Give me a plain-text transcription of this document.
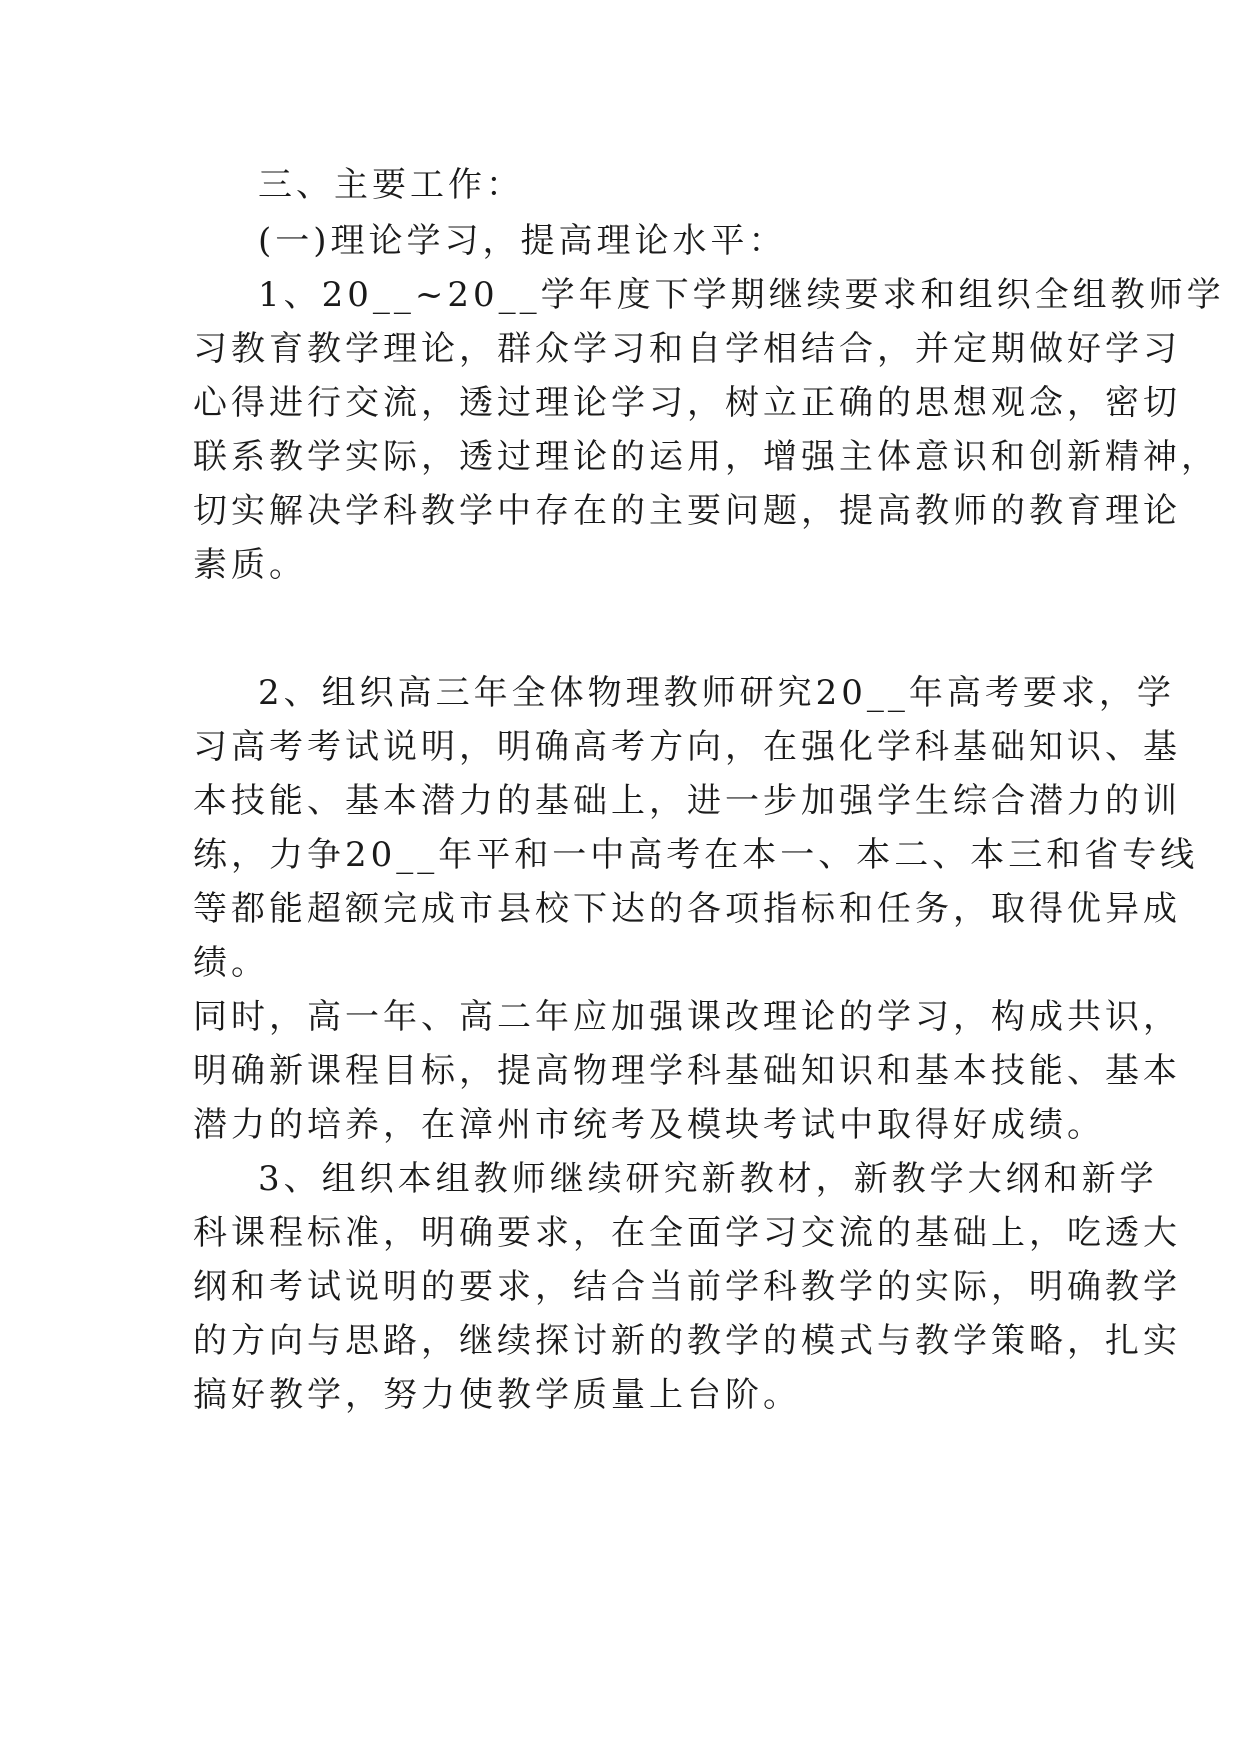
三、主要工作：
(一)理论学习，提高理论水平：
1、20__~20__学年度下学期继续要求和组织全组教师学
习教育教学理论，群众学习和自学相结合，并定期做好学习
心得进行交流，透过理论学习，树立正确的思想观念，密切
联系教学实际，透过理论的运用，增强主体意识和创新精神，
切实解决学科教学中存在的主要问题，提高教师的教育理论
素质。
2、组织高三年全体物理教师研究20__年高考要求，学
习高考考试说明，明确高考方向，在强化学科基础知识、基
本技能、基本潜力的基础上，进一步加强学生综合潜力的训
练，力争20__年平和一中高考在本一、本二、本三和省专线
等都能超额完成市县校下达的各项指标和任务，取得优异成
绩。
同时，高一年、高二年应加强课改理论的学习，构成共识，
明确新课程目标，提高物理学科基础知识和基本技能、基本
潜力的培养，在漳州市统考及模块考试中取得好成绩。
3、组织本组教师继续研究新教材，新教学大纲和新学
科课程标准，明确要求，在全面学习交流的基础上，吃透大
纲和考试说明的要求，结合当前学科教学的实际，明确教学
的方向与思路，继续探讨新的教学的模式与教学策略，扎实
搞好教学，努力使教学质量上台阶。
